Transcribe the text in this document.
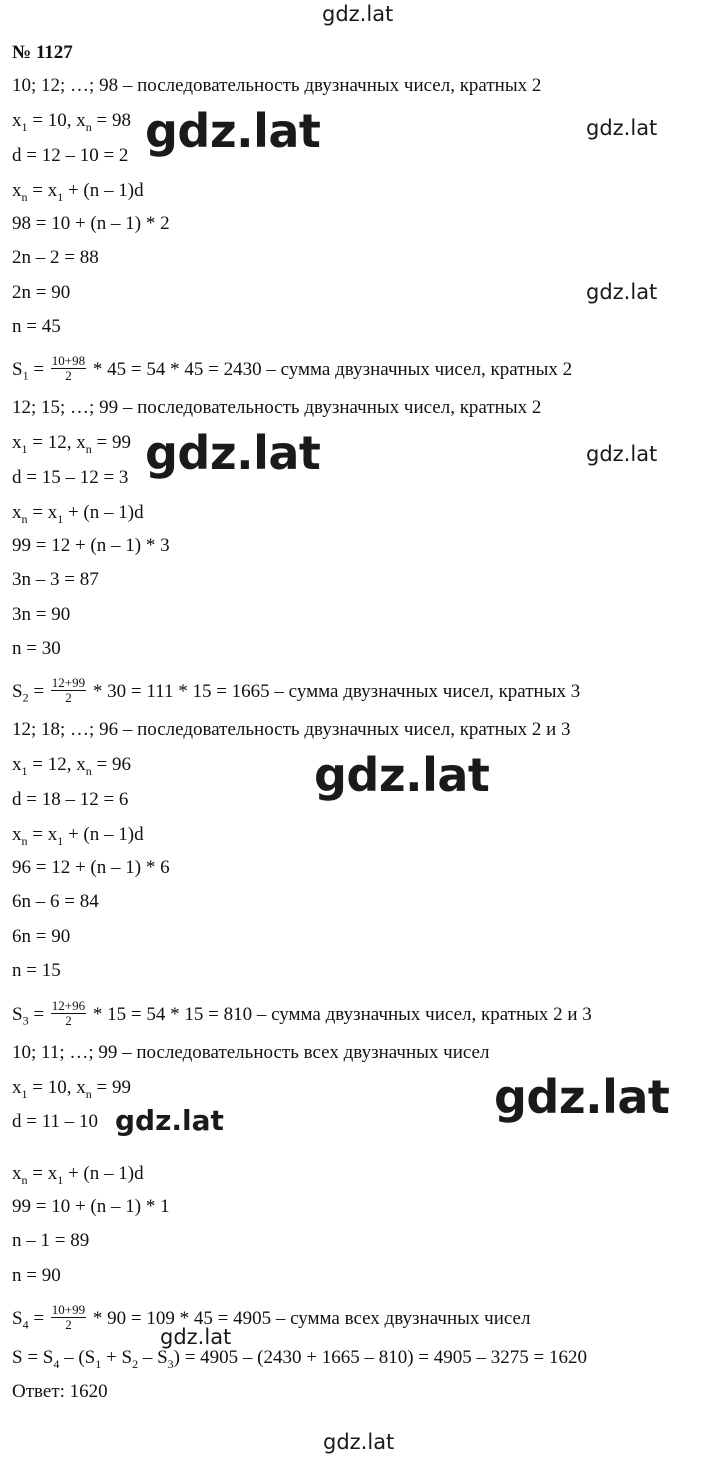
gdz.lat
№ 1127
10; 12; …; 98 – последовательность двузначных чисел, кратных 2
$x_1 = 10$, $x_n = 98$
d = 12 – 10 = 2
$x_n = x_1 + (n - 1)d$
98 = 10 + (n – 1) * 2
2n – 2 = 88
2n = 90
n = 45
$S_1 = \frac{10+98}{2} * 45 = 54 * 45 = 2430$ – сумма двузначных чисел, кратных 2
12; 15; …; 99 – последовательность двузначных чисел, кратных 2
$x_1 = 12$, $x_n = 99$
d = 15 – 12 = 3
$x_n = x_1 + (n - 1)d$
99 = 12 + (n – 1) * 3
3n – 3 = 87
3n = 90
n = 30
$S_2 = \frac{12+99}{2} * 30 = 111 * 15 = 1665$ – сумма двузначных чисел, кратных 3
12; 18; …; 96 – последовательность двузначных чисел, кратных 2 и 3
$x_1 = 12$, $x_n = 96$
d = 18 – 12 = 6
$x_n = x_1 + (n - 1)d$
96 = 12 + (n – 1) * 6
6n – 6 = 84
6n = 90
n = 15
$S_3 = \frac{12+96}{2} * 15 = 54 * 15 = 810$ – сумма двузначных чисел, кратных 2 и 3
10; 11; …; 99 – последовательность всех двузначных чисел
$x_1 = 10$, $x_n = 99$
d = 11 – 10
$x_n = x_1 + (n - 1)d$
99 = 10 + (n – 1) * 1
n – 1 = 89
n = 90
$S_4 = \frac{10+99}{2} * 90 = 109 * 45 = 4905$ – сумма всех двузначных чисел
$S = S_4 - (S_1 + S_2 - S_3) = 4905 - (2430 + 1665 - 810) = 4905 - 3275 = 1620$
Ответ: 1620
gdz.lat	gdz.lat
gdz.lat
gdz.lat	gdz.lat
gdz.lat
gdz.lat
gdz.lat
gdz.lat
gdz.lat
